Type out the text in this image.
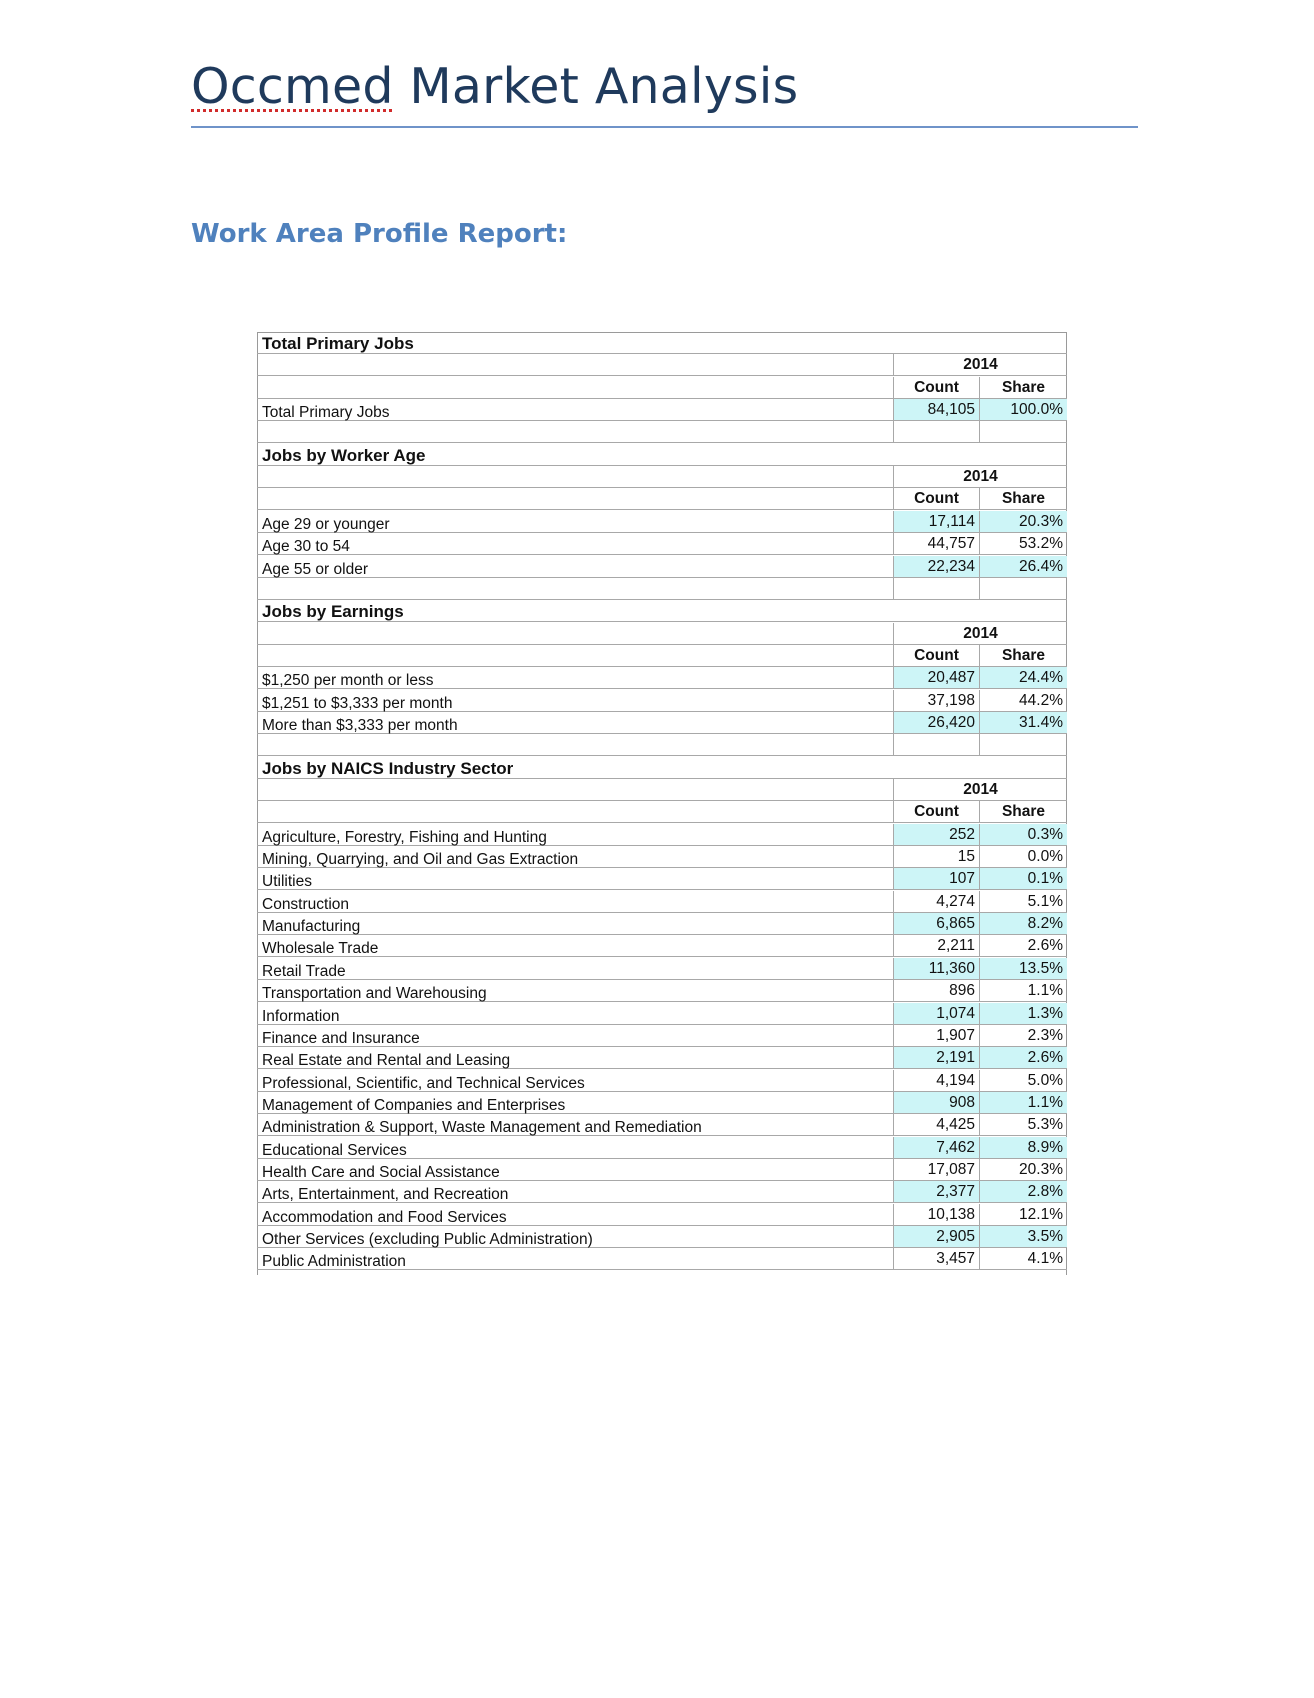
Occmed Market Analysis
Work Area Profile Report:
Total Primary Jobs
2014
Count	Share
Total Primary Jobs	84,105	100.0%
Jobs by Worker Age
2014
Count	Share
Age 29 or younger	17,114	20.3%
Age 30 to 54	44,757	53.2%
Age 55 or older	22,234	26.4%
Jobs by Earnings
2014
Count	Share
$1,250 per month or less	20,487	24.4%
$1,251 to $3,333 per month	37,198	44.2%
More than $3,333 per month	26,420	31.4%
Jobs by NAICS Industry Sector
2014
Count	Share
Agriculture, Forestry, Fishing and Hunting	252	0.3%
Mining, Quarrying, and Oil and Gas Extraction	15	0.0%
Utilities	107	0.1%
Construction	4,274	5.1%
Manufacturing	6,865	8.2%
Wholesale Trade	2,211	2.6%
Retail Trade	11,360	13.5%
Transportation and Warehousing	896	1.1%
Information	1,074	1.3%
Finance and Insurance	1,907	2.3%
Real Estate and Rental and Leasing	2,191	2.6%
Professional, Scientific, and Technical Services	4,194	5.0%
Management of Companies and Enterprises	908	1.1%
Administration & Support, Waste Management and Remediation	4,425	5.3%
Educational Services	7,462	8.9%
Health Care and Social Assistance	17,087	20.3%
Arts, Entertainment, and Recreation	2,377	2.8%
Accommodation and Food Services	10,138	12.1%
Other Services (excluding Public Administration)	2,905	3.5%
Public Administration	3,457	4.1%
